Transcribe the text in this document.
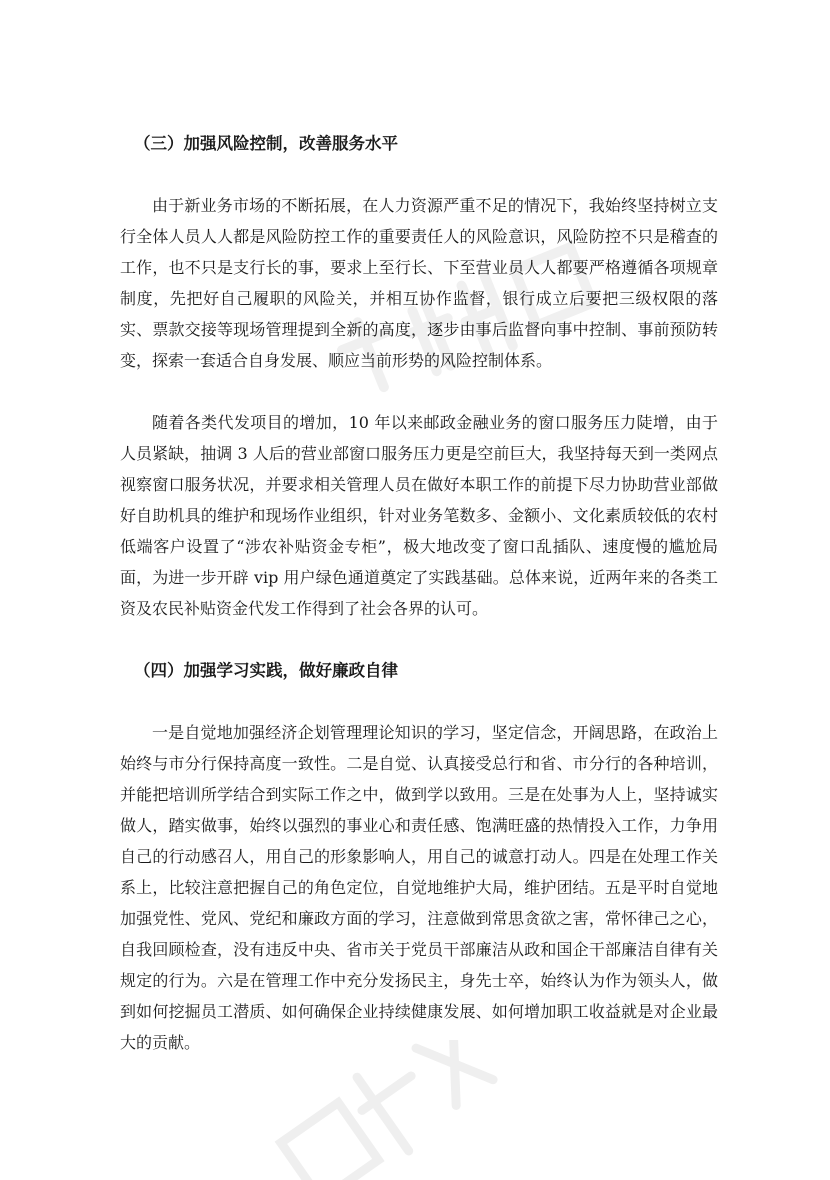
（三）加强风险控制，改善服务水平

由于新业务市场的不断拓展，在人力资源严重不足的情况下，我始终坚持树立支行全体人员人人都是风险防控工作的重要责任人的风险意识，风险防控不只是稽查的工作，也不只是支行长的事，要求上至行长、下至营业员人人都要严格遵循各项规章制度，先把好自己履职的风险关，并相互协作监督，银行成立后要把三级权限的落实、票款交接等现场管理提到全新的高度，逐步由事后监督向事中控制、事前预防转变，探索一套适合自身发展、顺应当前形势的风险控制体系。

随着各类代发项目的增加，10 年以来邮政金融业务的窗口服务压力陡增，由于人员紧缺，抽调 3 人后的营业部窗口服务压力更是空前巨大，我坚持每天到一类网点视察窗口服务状况，并要求相关管理人员在做好本职工作的前提下尽力协助营业部做好自助机具的维护和现场作业组织，针对业务笔数多、金额小、文化素质较低的农村低端客户设置了“涉农补贴资金专柜”，极大地改变了窗口乱插队、速度慢的尴尬局面，为进一步开辟 vip 用户绿色通道奠定了实践基础。总体来说，近两年来的各类工资及农民补贴资金代发工作得到了社会各界的认可。

（四）加强学习实践，做好廉政自律

一是自觉地加强经济企划管理理论知识的学习，坚定信念，开阔思路，在政治上始终与市分行保持高度一致性。二是自觉、认真接受总行和省、市分行的各种培训，并能把培训所学结合到实际工作之中，做到学以致用。三是在处事为人上，坚持诚实做人，踏实做事，始终以强烈的事业心和责任感、饱满旺盛的热情投入工作，力争用自己的行动感召人，用自己的形象影响人，用自己的诚意打动人。四是在处理工作关系上，比较注意把握自己的角色定位，自觉地维护大局，维护团结。五是平时自觉地加强党性、党风、党纪和廉政方面的学习，注意做到常思贪欲之害，常怀律己之心，自我回顾检查，没有违反中央、省市关于党员干部廉洁从政和国企干部廉洁自律有关规定的行为。六是在管理工作中充分发扬民主，身先士卒，始终认为作为领头人，做到如何挖掘员工潜质、如何确保企业持续健康发展、如何增加职工收益就是对企业最大的贡献。
